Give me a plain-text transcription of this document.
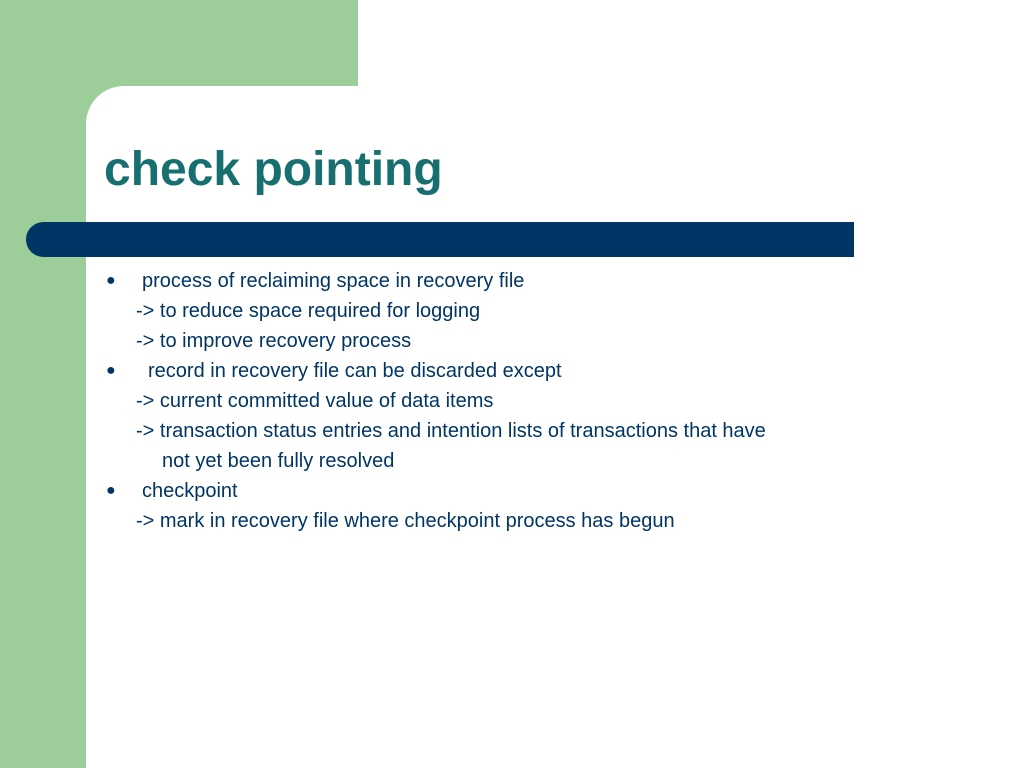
check pointing
● process of reclaiming space in recovery file
-> to reduce space required for logging
-> to improve recovery process
● record in recovery file can be discarded except
-> current committed value of data items
-> transaction status entries and intention lists of transactions that have
not yet been fully resolved
● checkpoint
-> mark in recovery file where checkpoint process has begun
